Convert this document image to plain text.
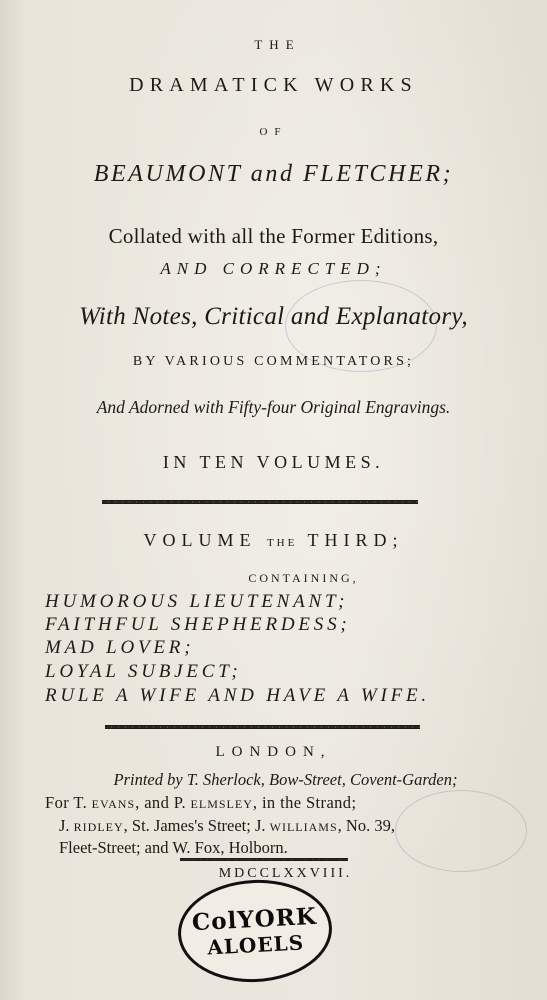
THE

DRAMATICK WORKS

OF

BEAUMONT and FLETCHER;

Collated with all the Former Editions,

AND CORRECTED;

With Notes, Critical and Explanatory,

BY VARIOUS COMMENTATORS;

And Adorned with Fifty-four Original Engravings.

IN TEN VOLUMES.

VOLUME THE THIRD;

CONTAINING,

HUMOROUS LIEUTENANT;

FAITHFUL SHEPHERDESS;

MAD LOVER;

LOYAL SUBJECT;

RULE A WIFE AND HAVE A WIFE.

LONDON,

Printed by T. Sherlock, Bow-Street, Covent-Garden;

For T. EVANS, and P. ELMSLEY, in the Strand;

J. RIDLEY, St. James's Street; J. WILLIAMS, No. 39,

Fleet-Street; and W. Fox, Holborn.

MDCCLXXVIII.

ColYORK
ALOELS
